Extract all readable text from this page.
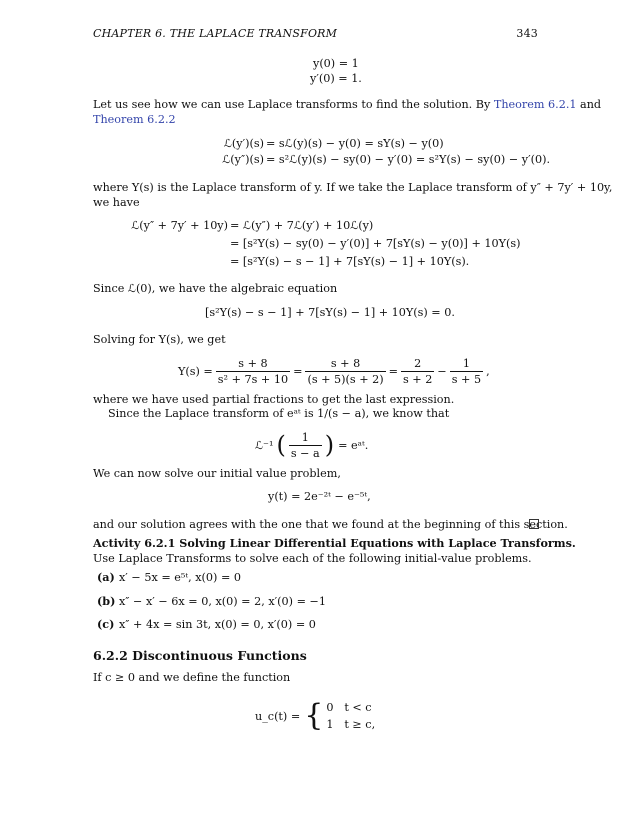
CHAPTER 6. THE LAPLACE TRANSFORM	343
y(0) = 1
y′(0) = 1.
Let us see how we can use Laplace transforms to find the solution. By Theorem 6.2.1 and
Theorem 6.2.2
ℒ(y′)(s) = sℒ(y)(s) − y(0) = sY(s) − y(0)
ℒ(y″)(s) = s²ℒ(y)(s) − sy(0) − y′(0) = s²Y(s) − sy(0) − y′(0).
where Y(s) is the Laplace transform of y. If we take the Laplace transform of y″ + 7y′ + 10y,
we have
ℒ(y″ + 7y′ + 10y) = ℒ(y″) + 7ℒ(y′) + 10ℒ(y)
= [s²Y(s) − sy(0) − y′(0)] + 7[sY(s) − y(0)] + 10Y(s)
= [s²Y(s) − s − 1] + 7[sY(s) − 1] + 10Y(s).
Since ℒ(0), we have the algebraic equation
[s²Y(s) − s − 1] + 7[sY(s) − 1] + 10Y(s) = 0.
Solving for Y(s), we get
$Y(s) = \frac{s + 8}{\text{s² + 7s + 10}} = \frac{s + 8}{(s + 5)(s + 2)} = \frac{2}{s + 2} - \frac{1}{s + 5}$ ,
where we have used partial fractions to get the last expression.
Since the Laplace transform of eᵃᵗ is 1/(s − a), we know that
ℒ⁻¹ ( $\frac{1}{s - a}$ ) = eᵃᵗ.
We can now solve our initial value problem,
y(t) = 2e⁻²ᵗ − e⁻⁵ᵗ,
and our solution agrees with the one that we found at the beginning of this section.
Activity 6.2.1 Solving Linear Differential Equations with Laplace Transforms.
Use Laplace Transforms to solve each of the following initial-value problems.
(a) x′ − 5x = e⁵ᵗ, x(0) = 0
(b) x″ − x′ − 6x = 0, x(0) = 2, x′(0) = −1
(c) x″ + 4x = sin 3t, x(0) = 0, x′(0) = 0
6.2.2 Discontinuous Functions
If c ≥ 0 and we define the function
u_c(t) = { 0 t < c
1 t ≥ c,
